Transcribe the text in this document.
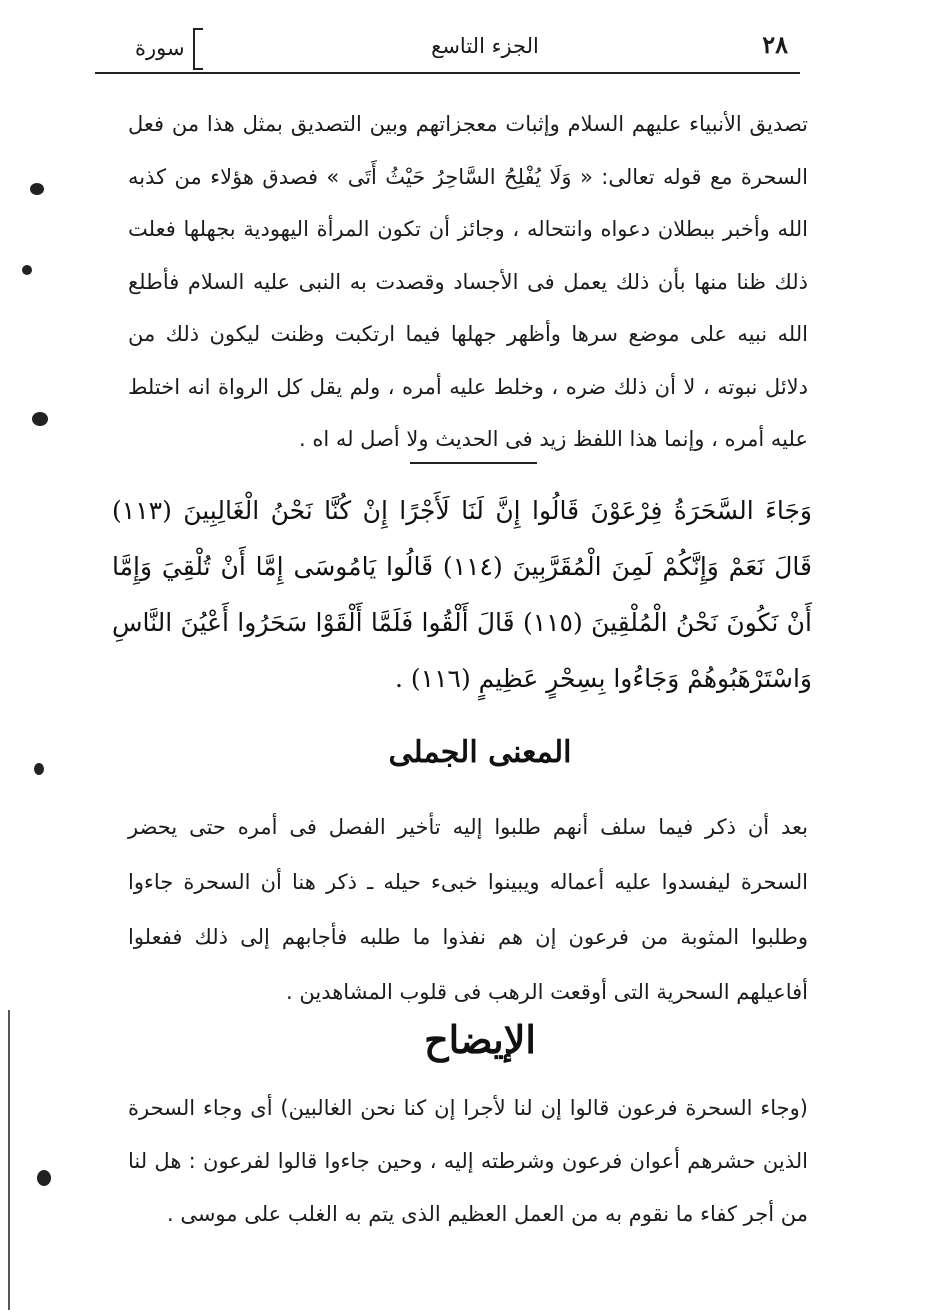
٢٨
الجزء التاسع
سورة
تصديق الأنبياء عليهم السلام وإثبات معجزاتهم وبين التصديق بمثل هذا من فعل السحرة مع قوله تعالى: « وَلَا يُفْلِحُ السَّاحِرُ حَيْثُ أَتَى » فصدق هؤلاء من كذبه الله وأخبر ببطلان دعواه وانتحاله ، وجائز أن تكون المرأة اليهودية بجهلها فعلت ذلك ظنا منها بأن ذلك يعمل فى الأجساد وقصدت به النبى عليه السلام فأطلع الله نبيه على موضع سرها وأظهر جهلها فيما ارتكبت وظنت ليكون ذلك من دلائل نبوته ، لا أن ذلك ضره ، وخلط عليه أمره ، ولم يقل كل الرواة انه اختلط عليه أمره ، وإنما هذا اللفظ زيد فى الحديث ولا أصل له اه .
وَجَاءَ السَّحَرَةُ فِرْعَوْنَ قَالُوا إِنَّ لَنَا لَأَجْرًا إِنْ كُنَّا نَحْنُ الْغَالِبِينَ (١١٣) قَالَ نَعَمْ وَإِنَّكُمْ لَمِنَ الْمُقَرَّبِينَ (١١٤) قَالُوا يَامُوسَى إِمَّا أَنْ تُلْقِيَ وَإِمَّا أَنْ نَكُونَ نَحْنُ الْمُلْقِينَ (١١٥) قَالَ أَلْقُوا فَلَمَّا أَلْقَوْا سَحَرُوا أَعْيُنَ النَّاسِ وَاسْتَرْهَبُوهُمْ وَجَاءُوا بِسِحْرٍ عَظِيمٍ (١١٦) .
المعنى الجملى
بعد أن ذكر فيما سلف أنهم طلبوا إليه تأخير الفصل فى أمره حتى يحضر السحرة ليفسدوا عليه أعماله ويبينوا خبىء حيله ـ ذكر هنا أن السحرة جاءوا وطلبوا المثوبة من فرعون إن هم نفذوا ما طلبه فأجابهم إلى ذلك ففعلوا أفاعيلهم السحرية التى أوقعت الرهب فى قلوب المشاهدين .
الإيضاح
(وجاء السحرة فرعون قالوا إن لنا لأجرا إن كنا نحن الغالبين) أى وجاء السحرة الذين حشرهم أعوان فرعون وشرطته إليه ، وحين جاءوا قالوا لفرعون : هل لنا من أجر كفاء ما نقوم به من العمل العظيم الذى يتم به الغلب على موسى .
